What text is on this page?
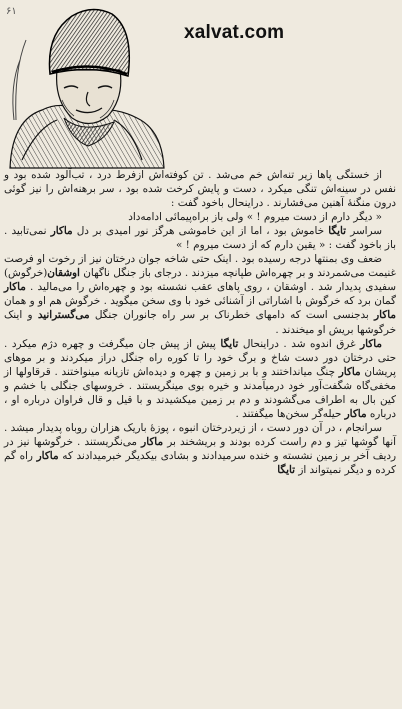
۶۱
xalvat.com

از خستگی پاها زیر تنه‌اش خم می‌شد . تن کوفته‌اش ازفرط درد ، تب‌آلود شده بود و نفس در سینه‌اش تنگی میکرد ، دست و پایش کرخت شده بود ، سر برهنه‌اش را نیز گوئی درون منگنهٔ آهنین می‌فشارند . دراینحال باخود گفت :

« دیگر دارم از دست میروم ! » ولی باز براه‌پیمائی ادامه‌داد

سراسر تایگا خاموش بود ، اما از این خاموشی هرگز نور امیدی بر دل ماکار نمی‌تابید . باز باخود گفت : « یقین دارم که از دست میروم ! »

ضعف وی بمنتها درجه رسیده بود . اینک حتی شاخه جوان درختان نیز از رخوت او فرصت غنیمت می‌شمردند و بر چهره‌اش طپانچه میزدند . درجای باز جنگل ناگهان اوشقان(خرگوش) سفیدی پدیدار شد . اوشقان ، روی پاهای عقب نشسته بود و چهره‌اش را می‌مالید . ماکار گمان برد که خرگوش با اشاراتی از آشنائی خود با وی سخن میگوید . خرگوش هم او و همان ماکار بدجنسی است که دامهای خطرناک بر سر راه جانوران جنگل می‌گسترانید و اینک خرگوشها بریش او میخندند .

ماکار غرق اندوه شد . دراینحال تایگا پیش از پیش جان میگرفت و چهره دژم میکرد . حتی درختان دور دست شاخ و برگ خود را تا کوره راه جنگل دراز میکردند و بر موهای پریشان ماکار چنگ میانداختند و با بر زمین و چهره و دیده‌اش تازیانه مینواختند . قرقاولها از مخفی‌گاه شگفت‌آور خود درمیآمدند و خیره بوی مینگریستند . خروسهای جنگلی با خشم و کین بال به اطراف می‌گشودند و دم بر زمین میکشیدند و با قیل و قال فراوان درباره او ، درباره ماکار حیله‌گر سخن‌ها میگفتند .

سرانجام ، در آن دور دست ، از زیردرختان انبوه ، پوزهٔ باریک هزاران روباه پدیدار میشد . آنها گوشها تیز و دم راست کرده بودند و بریشخند بر ماکار می‌نگریستند . خرگوشها نیز در ردیف آخر بر زمین نشسته و خنده سرمیدادند و بشادی بیکدیگر خبرمیدادند که ماکار راه گم کرده و دیگر نمیتواند از تایگا
